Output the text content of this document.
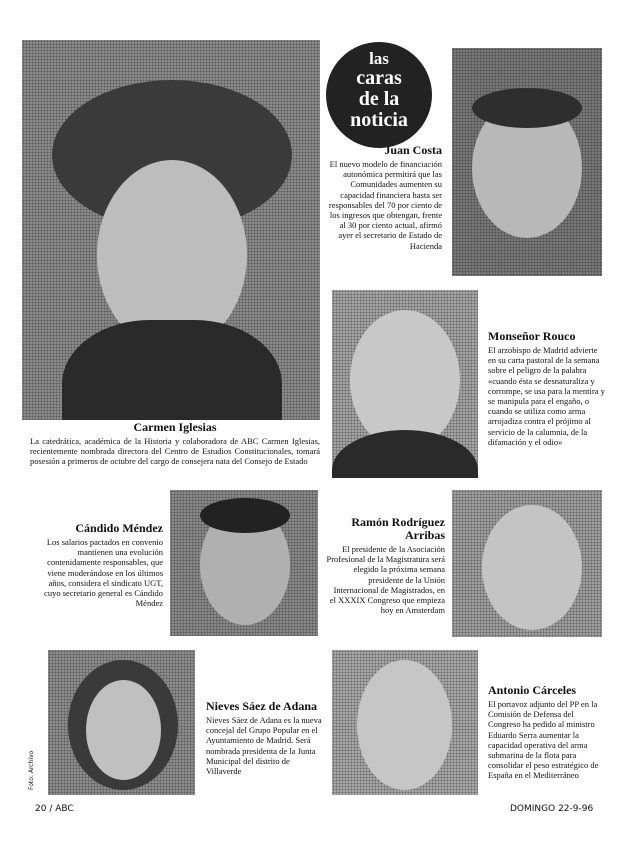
Carmen Iglesias
La catedrática, académica de la Historia y colaboradora de ABC Carmen Iglesias, recientemente nombrada directora del Centro de Estudios Constitucionales, tomará posesión a primeros de octubre del cargo de consejera nata del Consejo de Estado
las
caras
de la
noticia
Juan Costa
El nuevo modelo de financiación autonómica permitirá que las Comunidades aumenten su capacidad financiera hasta ser responsables del 70 por ciento de los ingresos que obtengan, frente al 30 por ciento actual, afirmó ayer el secretario de Estado de Hacienda
Monseñor Rouco
El arzobispo de Madrid advierte en su carta pastoral de la semana sobre el peligro de la palabra «cuando ésta se desnaturaliza y corrompe, se usa para la mentira y se manipula para el engaño, o cuando se utiliza como arma arrojadiza contra el prójimo al servicio de la calumnia, de la difamación y el odio»
Cándido Méndez
Los salarios pactados en convenio mantienen una evolución contenidamente responsables, que viene moderándose en los últimos años, considera el sindicato UGT, cuyo secretario general es Cándido Méndez
Ramón Rodríguez Arribas
El presidente de la Asociación Profesional de la Magistratura será elegido la próxima semana presidente de la Unión Internacional de Magistrados, en el XXXIX Congreso que empieza hoy en Amsterdam
Foto: Archivo
Nieves Sáez de Adana
Nieves Sáez de Adana es la nueva concejal del Grupo Popular en el Ayuntamiento de Madrid. Será nombrada presidenta de la Junta Municipal del distrito de Villaverde
Antonio Cárceles
El portavoz adjunto del PP en la Comisión de Defensa del Congreso ha pedido al ministro Eduardo Serra aumentar la capacidad operativa del arma submarina de la flota para consolidar el peso estratégico de España en el Mediterráneo
20 / ABC	DOMINGO 22-9-96
